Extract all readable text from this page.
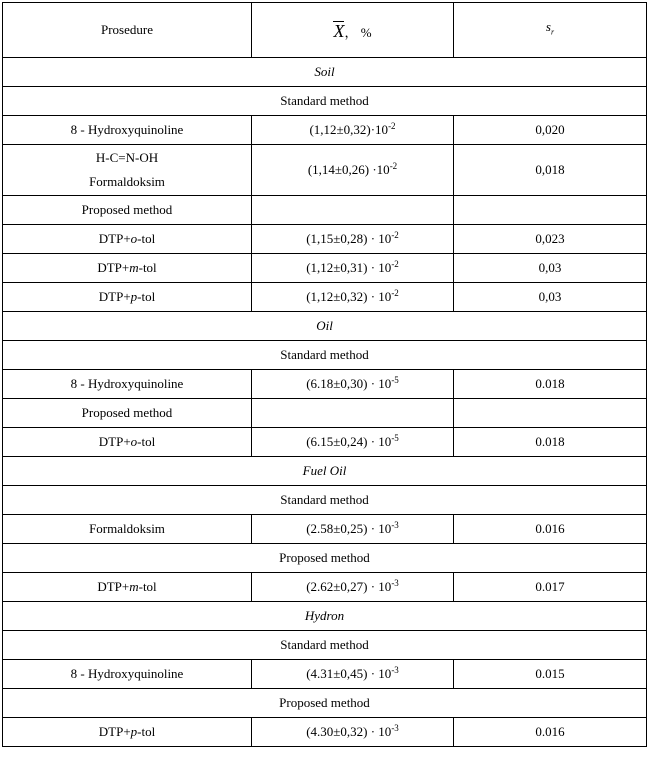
Prosedure	X， %	$s_r$
Soil		
Standard method		
8 - Hydroxyquinoline	$(1,12\pm 0,32)\cdot 10^{-2}$	0,020

H-C=N-OH
Formaldoksim	$(1,14\pm 0,26) \cdot 10^{-2}$	0,018
Proposed method		
DTP+o-tol	$(1,15\pm 0,28) \cdot 10^{-2}$	0,023
DTP+m-tol	$(1,12\pm 0,31) \cdot 10^{-2}$	0,03
DTP+p-tol	$(1,12\pm 0,32) \cdot 10^{-2}$	0,03
Oil		
Standard method		
8 - Hydroxyquinoline	$(6.18\pm 0,30) \cdot 10^{-5}$	0.018
Proposed method		
DTP+o-tol	$(6.15\pm 0,24) \cdot 10^{-5}$	0.018
Fuel Oil		
Standard method		
Formaldoksim	$(2.58\pm 0,25) \cdot 10^{-3}$	0.016
Proposed method		
DTP+m-tol	$(2.62\pm 0,27) \cdot 10^{-3}$	0.017
Hydron		
Standard method		
8 - Hydroxyquinoline	$(4.31\pm 0,45) \cdot 10^{-3}$	0.015
Proposed method		
DTP+p-tol	$(4.30\pm 0,32) \cdot 10^{-3}$	0.016
